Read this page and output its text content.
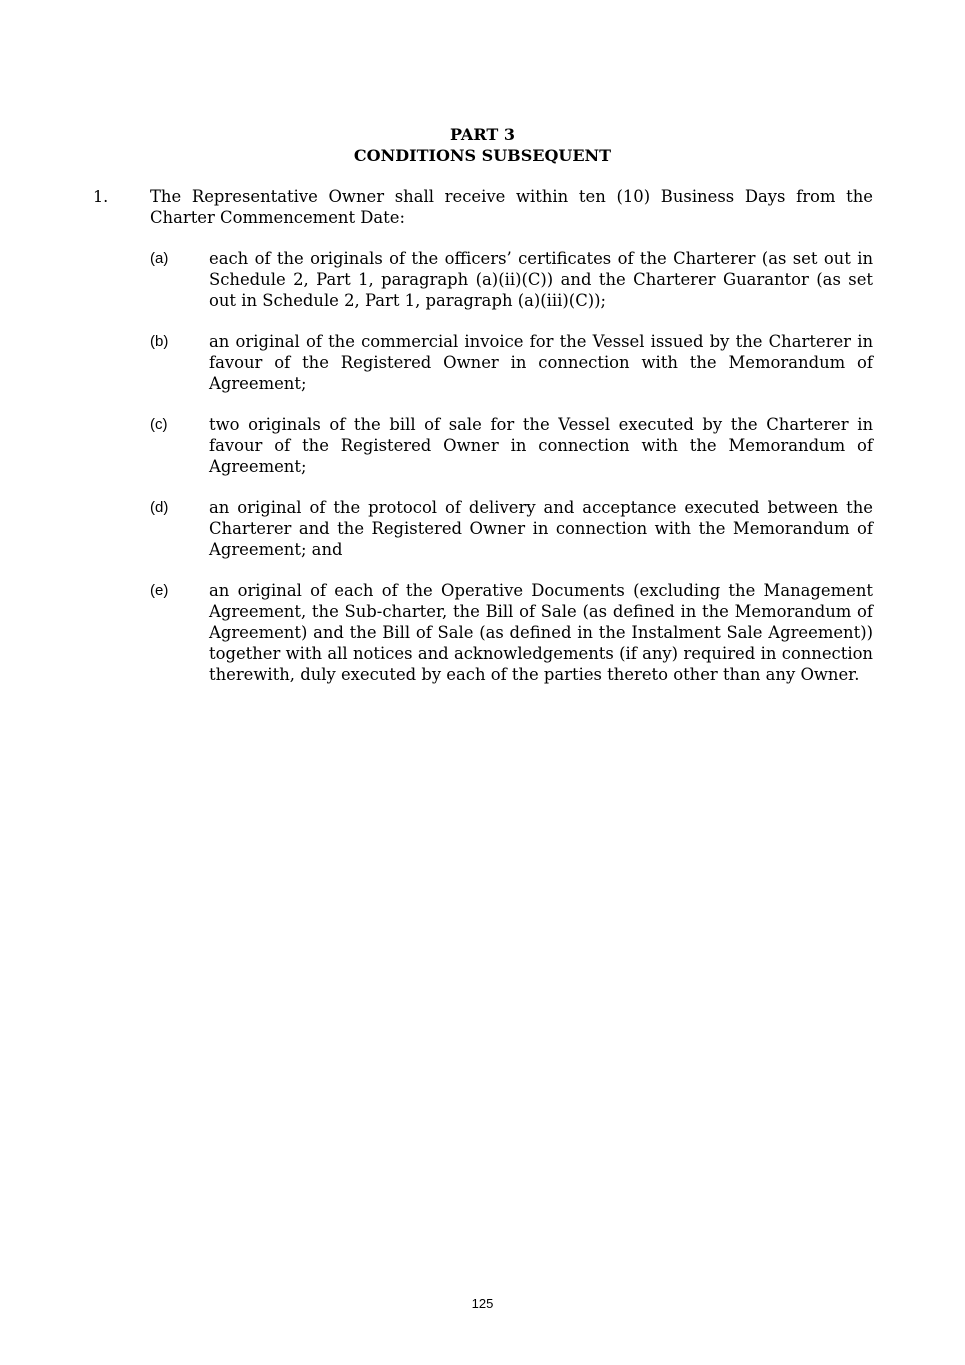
PART 3
CONDITIONS SUBSEQUENT
1.	The Representative Owner shall receive within ten (10) Business Days from the Charter Commencement Date:
(a) each of the originals of the officers’ certificates of the Charterer (as set out in Schedule 2, Part 1, paragraph (a)(ii)(C)) and the Charterer Guarantor (as set out in Schedule 2, Part 1, paragraph (a)(iii)(C));
(b) an original of the commercial invoice for the Vessel issued by the Charterer in favour of the Registered Owner in connection with the Memorandum of Agreement;
(c)	two originals of the bill of sale for the Vessel executed by the Charterer in favour of the Registered Owner in connection with the Memorandum of Agreement;
(d) an original of the protocol of delivery and acceptance executed between the Charterer and the Registered Owner in connection with the Memorandum of Agreement; and
(e) an original of each of the Operative Documents (excluding the Management Agreement, the Sub-charter, the Bill of Sale (as defined in the Memorandum of Agreement) and the Bill of Sale (as defined in the Instalment Sale Agreement)) together with all notices and acknowledgements (if any) required in connection therewith, duly executed by each of the parties thereto other than any Owner.
125
